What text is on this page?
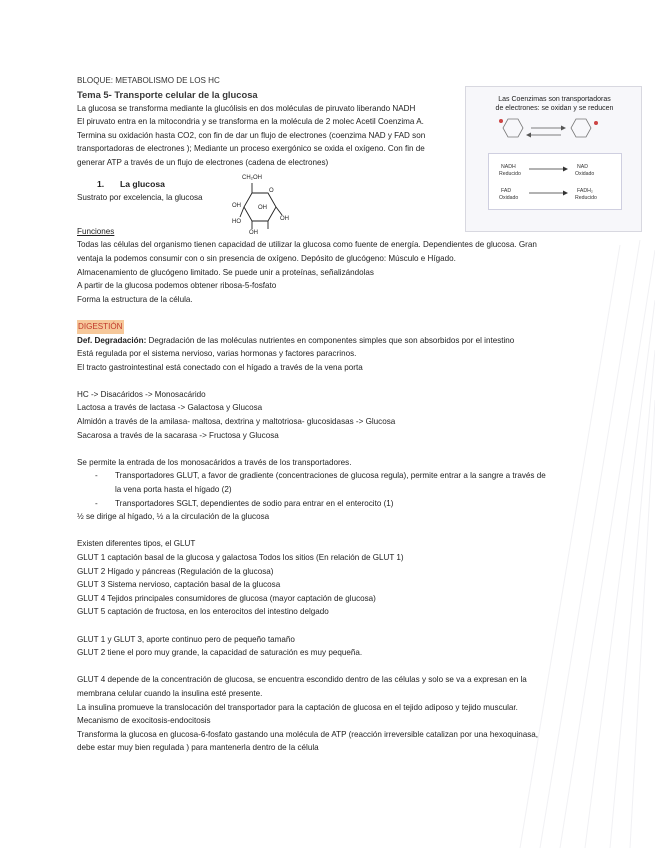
Las Coenzimas son transportadoras
de electrones: se oxidan y se reducen
NADH
Reducido
NAD
Oxidado
FAD
Oxidado
FADH₂
Reducido
CH₂OH
O
OH	OH
HO	OH
OH

BLOQUE: METABOLISMO DE LOS HC

Tema 5- Transporte celular de la glucosa

La glucosa se transforma mediante la glucólisis en dos moléculas de piruvato liberando NADH

El piruvato entra en la mitocondria y se transforma en la molécula de 2 molec Acetil Coenzima A.

Termina su oxidación hasta CO2, con fin de dar un flujo de electrones (coenzima NAD y FAD son

transportadoras de electrones ); Mediante un proceso exergónico se oxida el oxígeno. Con fin de

generar ATP a través de un flujo de electrones (cadena de electrones)

1.	La glucosa

Sustrato por excelencia, la glucosa

Funciones

Todas las células del organismo tienen capacidad de utilizar la glucosa como fuente de energía. Dependientes de glucosa. Gran

ventaja la podemos consumir con o sin presencia de oxígeno. Depósito de glucógeno: Músculo e Hígado.

Almacenamiento de glucógeno limitado. Se puede unir a proteínas, señalizándolas

A partir de la glucosa podemos obtener ribosa-5-fosfato

Forma la estructura de la célula.

DIGESTIÓN

Def. Degradación: Degradación de las moléculas nutrientes en componentes simples que son absorbidos por el intestino

Está regulada por el sistema nervioso, varias hormonas y factores paracrinos.

El tracto gastrointestinal está conectado con el hígado a través de la vena porta

HC -> Disacáridos -> Monosacárido

Lactosa a través de lactasa -> Galactosa y Glucosa

Almidón a través de la amilasa- maltosa, dextrina y maltotriosa- glucosidasas -> Glucosa

Sacarosa a través de la sacarasa -> Fructosa y Glucosa

Se permite la entrada de los monosacáridos a través de los transportadores.

-	Transportadores GLUT, a favor de gradiente (concentraciones de glucosa regula), permite entrar a la sangre a través de

la vena porta hasta el hígado (2)

-	Transportadores SGLT, dependientes de sodio para entrar en el enterocito (1)

½ se dirige al hígado, ½ a la circulación de la glucosa

Existen diferentes tipos, el GLUT

GLUT 1 captación basal de la glucosa y galactosa Todos los sitios (En relación de GLUT 1)

GLUT 2 Hígado y páncreas (Regulación de la glucosa)

GLUT 3 Sistema nervioso, captación basal de la glucosa

GLUT 4 Tejidos principales consumidores de glucosa (mayor captación de glucosa)

GLUT 5 captación de fructosa, en los enterocitos del intestino delgado

GLUT 1 y GLUT 3, aporte continuo pero de pequeño tamaño

GLUT 2 tiene el poro muy grande, la capacidad de saturación es muy pequeña.

GLUT 4 depende de la concentración de glucosa, se encuentra escondido dentro de las células y solo se va a expresan en la

membrana celular cuando la insulina esté presente.

La insulina promueve la translocación del transportador para la captación de glucosa en el tejido adiposo y tejido muscular.

Mecanismo de exocitosis-endocitosis

Transforma la glucosa en glucosa-6-fosfato gastando una molécula de ATP (reacción irreversible catalizan por una hexoquinasa,

debe estar muy bien regulada ) para mantenerla dentro de la célula
